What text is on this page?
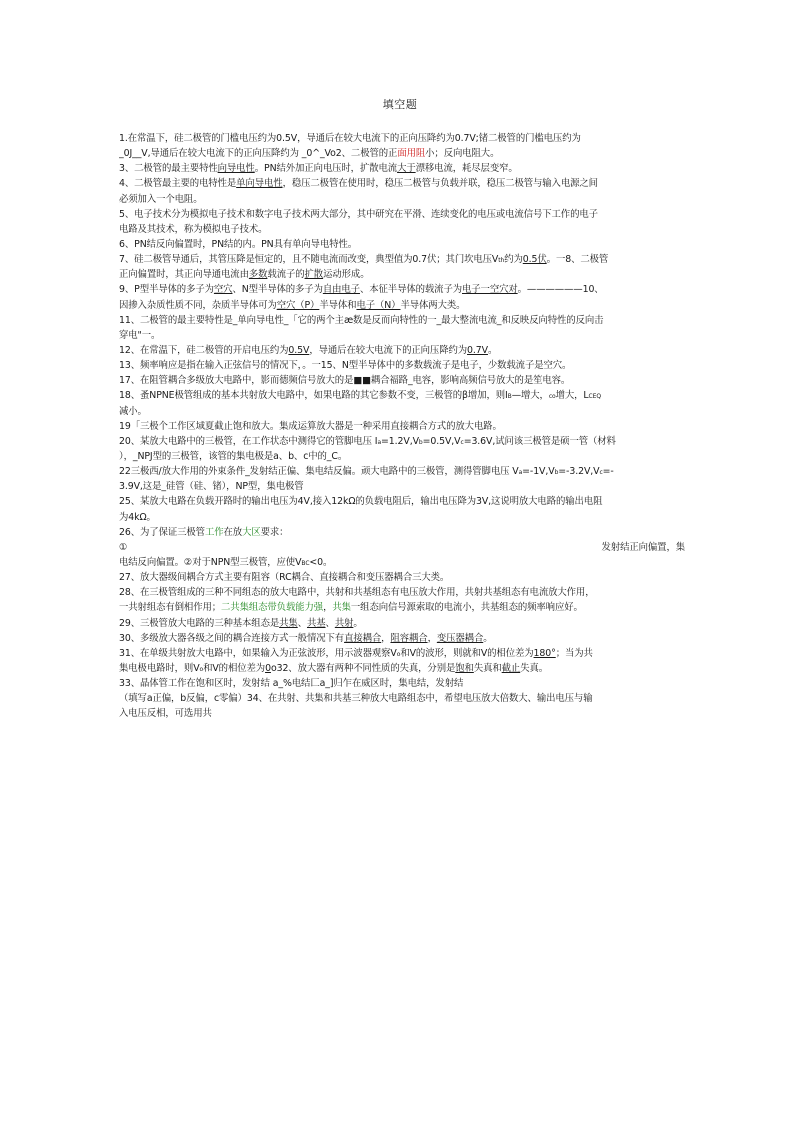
填空题
1.在常温下，硅二极管的门槛电压约为0.5V，导通后在较大电流下的正向压降约为0.7V;锗二极管的门槛电压约为
_0J__V,导通后在较大电流下的正向压降约为 _0^_Vo2、二极管的正面用阻小；反向电阻大。
3、二极管的最主要特性向导电性。PN结外加正向电压时，扩散电流大于漂移电流，耗尽层变窄。
4、二极管最主要的电特性是单向导电性，稳压二极管在使用时，稳压二极管与负载并联，稳压二极管与输入电源之间
必须加入一个电阻。
5、电子技术分为模拟电子技术和数字电子技术两大部分，其中研究在平滑、连续变化的电压或电流信号下工作的电子
电路及其技术，称为模拟电子技术。
6、PN结反向偏置时，PN结的内。PN具有单向导电特性。
7、硅二极管导通后，其管压降是恒定的，且不随电流而改变，典型值为0.7伏；其门坎电压Vth约为0.5伏。一8、二极管
正向偏置时，其正向导通电流由多数载流子的扩散运动形成。
9、P型半导体的多子为空穴、N型半导体的多子为自由电子、本征半导体的载流子为电子一空穴对。——————10、
因掺入杂质性质不同，杂质半导体可为空穴（P）半导体和电子（N）半导体两大类。
11、二极管的最主要特性是_单向导电性_「它的两个主æ数是反而向特性的一_最大整流电流_和反映反向特性的反向击
穿电"一。
12、在常温下，硅二极管的开启电压约为0.5V，导通后在较大电流下的正向压降约为0.7V。
13、频率响应是指在输入正弦信号的情况下，。一15、N型半导体中的多数载流子是电子，少数载流子是空穴。
17、在阻管耦合多级放大电路中，影而德频信号放大的是■■耦合福路_电容，影响高频信号放大的是笙电容。
18、蚤NPNE极管组成的基本共射放大电路中，如果电路的其它参数不变，三极管的β增加，则IB—增大，co增大，LCEQ
减小。
19「三极个工作区域夏截止饱和放大。集成运算放大器是一种采用直接耦合方式的放大电路。
20、某放大电路中的三极管，在工作状态中测得它的管脚电压 Ia=1.2V,Vb=0.5V,Vc=3.6V,试问该三极管是硕一管（材料
），_NPJ型的三极管，该管的集电极是a、b、c中的_C。
22三极西/放大作用的外束条件_发射结正偏、集电结反偏。顽大电路中的三极管，测得管脚电压 Va=-1V,Vb=-3.2V,Vc=-
3.9V,这是_硅管（硅、锗），NP型，集电极管
25、某放大电路在负载开路时的输出电压为4V,接入12kΩ的负载电阻后，输出电压降为3V,这说明放大电路的输出电阻
为4kΩ。
26、为了保证三极管工作在放大区要求：
①	发射结正向偏置，集
电结反向偏置。②对于NPN型三极管，应使VBC<0。
27、放大器级间耦合方式主要有阻容（RC耦合、直接耦合和变压器耦合三大类。
28、在三极管组成的三种不同组态的放大电路中，共射和共基组态有电压放大作用，共射共基组态有电流放大作用，
一共射组态有倒相作用；二共集组态带负载能力强，共集一组态向信号源索取的电流小，共基组态的频率响应好。
29、三极管放大电路的三种基本组态是共集、共基、共射。
30、多级放大器各级之间的耦合连接方式一般情况下有直接耦合，阻容耦合，变压器耦合。
31、在单级共射放大电路中，如果输入为正弦波形，用示波器观察Vo和V的波形，则就和V的相位差为180°；当为共
集电极电路时，则Vo和V的相位差为0o32、放大器有两种不同性质的失真，分别是饱和失真和截止失真。
33、晶体管工作在饱和区时，发射结 a_%电结匚a_]归乍在威区时，集电结，发射结
（填写a正偏，b反偏，c零偏）34、在共射、共集和共基三种放大电路组态中，希望电压放大倍数大、输出电压与输
入电压反相，可选用共
